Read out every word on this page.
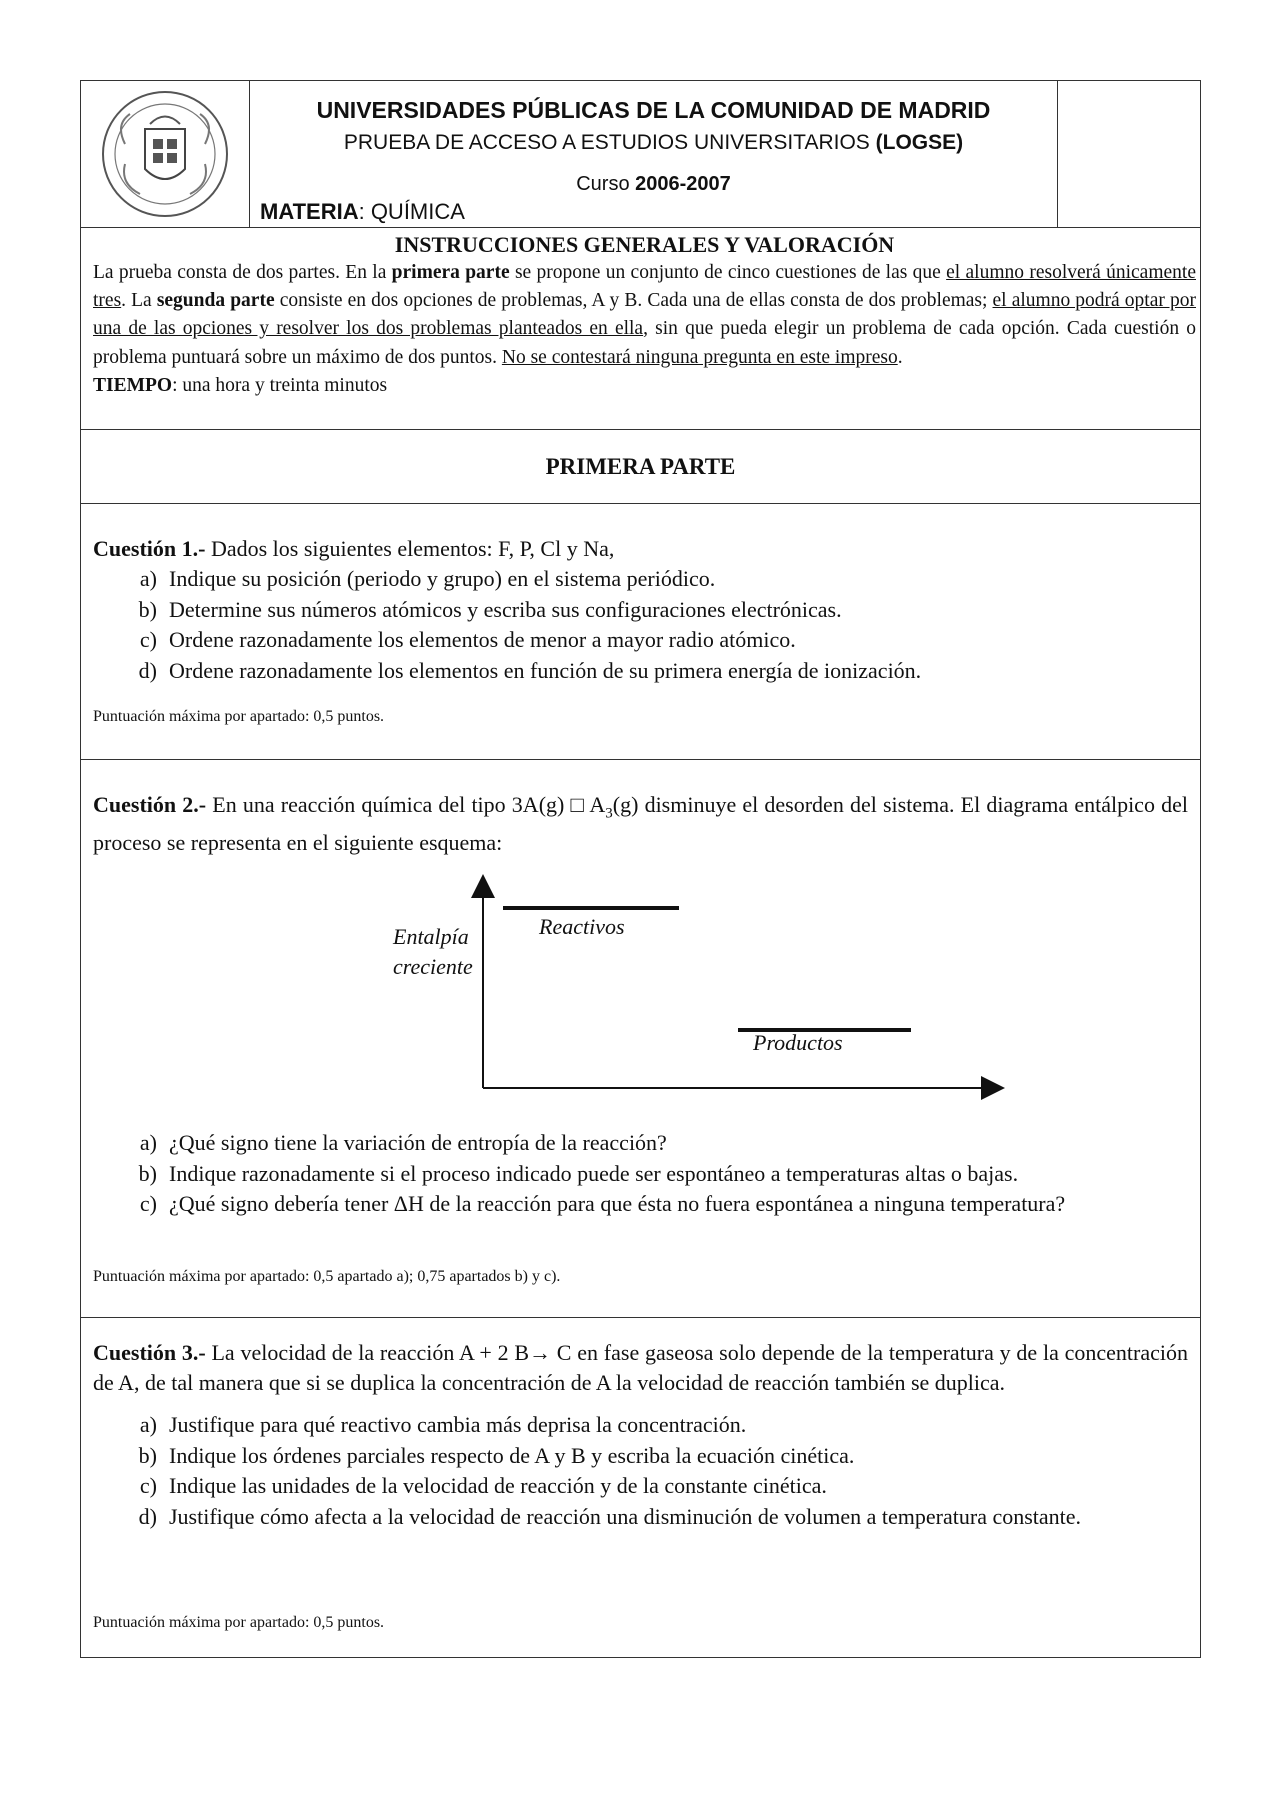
UNIVERSIDADES PÚBLICAS DE LA COMUNIDAD DE MADRID
PRUEBA DE ACCESO A ESTUDIOS UNIVERSITARIOS (LOGSE)
Curso 2006-2007
MATERIA: QUÍMICA
INSTRUCCIONES GENERALES Y VALORACIÓN

La prueba consta de dos partes. En la primera parte se propone un conjunto de cinco cuestiones de las que el alumno resolverá únicamente tres. La segunda parte consiste en dos opciones de problemas, A y B. Cada una de ellas consta de dos problemas; el alumno podrá optar por una de las opciones y resolver los dos problemas planteados en ella, sin que pueda elegir un problema de cada opción. Cada cuestión o problema puntuará sobre un máximo de dos puntos. No se contestará ninguna pregunta en este impreso.

TIEMPO: una hora y treinta minutos

PRIMERA PARTE

Cuestión 1.- Dados los siguientes elementos: F, P, Cl y Na,

a) Indique su posición (periodo y grupo) en el sistema periódico.
b) Determine sus números atómicos y escriba sus configuraciones electrónicas.
c) Ordene razonadamente los elementos de menor a mayor radio atómico.
d) Ordene razonadamente los elementos en función de su primera energía de ionización.
Puntuación máxima por apartado: 0,5 puntos.

Cuestión 2.- En una reacción química del tipo 3A(g) □ $A_3(g)$ disminuye el desorden del sistema. El diagrama entálpico del proceso se representa en el siguiente esquema:

Entalpía
creciente
Reactivos
Productos
a) ¿Qué signo tiene la variación de entropía de la reacción?
b) Indique razonadamente si el proceso indicado puede ser espontáneo a temperaturas altas o bajas.
c) ¿Qué signo debería tener ΔH de la reacción para que ésta no fuera espontánea a ninguna temperatura?
Puntuación máxima por apartado: 0,5 apartado a); 0,75 apartados b) y c).

Cuestión 3.- La velocidad de la reacción A + 2 B→ C en fase gaseosa solo depende de la temperatura y de la concentración de A, de tal manera que si se duplica la concentración de A la velocidad de reacción también se duplica.

a) Justifique para qué reactivo cambia más deprisa la concentración.
b) Indique los órdenes parciales respecto de A y B y escriba la ecuación cinética.
c) Indique las unidades de la velocidad de reacción y de la constante cinética.
d) Justifique cómo afecta a la velocidad de reacción una disminución de volumen a temperatura constante.
Puntuación máxima por apartado: 0,5 puntos.
